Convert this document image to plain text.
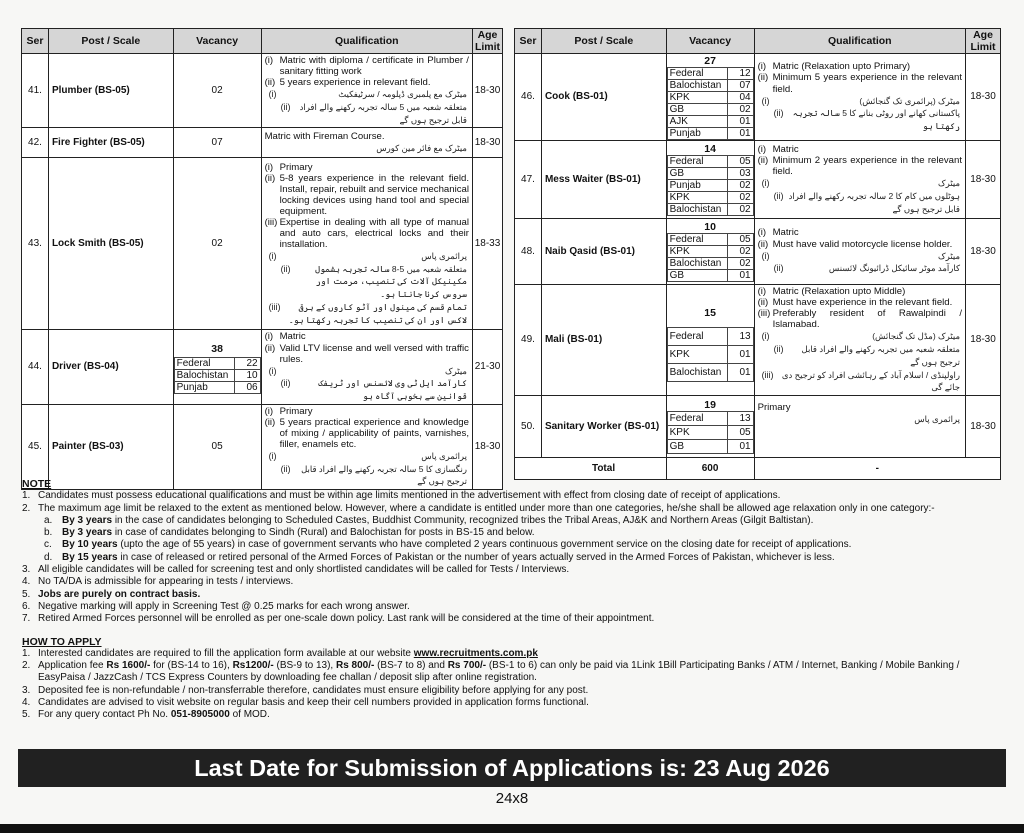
Ser	Post / Scale	Vacancy	Qualification	Age Limit
41.	Plumber (BS-05)	02	
(i) Matric with diploma / certificate in Plumber / sanitary fitting work
(ii) 5 years experience in relevant field.
(i)	میٹرک مع پلمبری ڈپلومہ / سرٹیفکیٹ
(ii) متعلقہ شعبہ میں 5 سالہ تجربہ رکھنے والے افراد قابل ترجیح ہوں گے
	18-30
42.	Fire Fighter (BS-05)	07	
Matric with Fireman Course.
میٹرک مع فائر مین کورس	18-30
43.	Lock Smith (BS-05)	02	
(i) Primary
(ii) 5-8 years experience in the relevant field. Install, repair, rebuilt and service mechanical locking devices using hand tool and special equipment.
(iii) Expertise in dealing with all type of manual and auto cars, electrical locks and their installation.
(i)	پرائمری پاس
(ii)	متعلقہ شعبہ میں 5-8 سالہ تجربہ بشمول مکینیکل آلات کی تنصیب، مرمت اور سروس کرنا جانتا ہو۔
(iii) تمام قسم کی مینول اور آٹو کاروں کے برقی لاکس اور ان کی تنصیب کا تجربہ رکھتا ہو۔
	18-33
44.	Driver (BS-04)	
38
Federal	22
Balochistan	10
Punjab	06

(i) Matric
(ii) Valid LTV license and well versed with traffic rules.
(i)	میٹرک
(ii)	کارآمد ایل ٹی وی لائسنس اور ٹریفک قوانین سے بخوبی آگاہ ہو
	21-30
45.	Painter (BS-03)	05	
(i) Primary
(ii) 5 years practical experience and knowledge of mixing / applicability of paints, varnishes, filler, enamels etc.
(i)	پرائمری پاس
(ii) رنگسازی کا 5 سالہ تجربہ رکھنے والے افراد قابل ترجیح ہوں گے
	18-30
Ser	Post / Scale	Vacancy	Qualification	Age Limit
46.	Cook (BS-01)	
27
Federal	12
Balochistan	07
KPK	04
GB	02
AJK	01
Punjab	01

(i) Matric (Relaxation upto Primary)
(ii) Minimum 5 years experience in the relevant field.
(i)	میٹرک (پرائمری تک گنجائش)
(ii) پاکستانی کھانے اور روٹی بنانے کا 5 سالہ تجربہ رکھتا ہو
	18-30
47.	Mess Waiter (BS-01)	
14
Federal	05
GB	03
Punjab	02
KPK	02
Balochistan	02

(i) Matric
(ii) Minimum 2 years experience in the relevant field.
(i)	میٹرک
(ii) ہوٹلوں میں کام کا 2 سالہ تجربہ رکھنے والے افراد قابل ترجیح ہوں گے
	18-30
48.	Naib Qasid (BS-01)	
10
Federal	05
KPK	02
Balochistan	02
GB	01

(i) Matric
(ii) Must have valid motorcycle license holder.
(i)	میٹرک
(ii)	کارآمد موٹر سائیکل ڈرائیونگ لائسنس
	18-30
49.	Mali (BS-01)	
15
Federal	13
KPK	01
Balochistan	01

(i) Matric (Relaxation upto Middle)
(ii) Must have experience in the relevant field.
(iii) Preferably resident of Rawalpindi / Islamabad.
(i)	میٹرک (مڈل تک گنجائش)
(ii) متعلقہ شعبہ میں تجربہ رکھنے والے افراد قابل ترجیح ہوں گے
(iii) راولپنڈی / اسلام آباد کے رہائشی افراد کو ترجیح دی جائے گی
	18-30
50.	Sanitary Worker (BS-01)	
19
Federal	13
KPK	05
GB	01

Primary
پرائمری پاس
	18-30
	Total	600	-
NOTE
1. Candidates must possess educational qualifications and must be within age limits mentioned in the advertisement with effect from closing date of receipt of applications.
2. The maximum age limit be relaxed to the extent as mentioned below. However, where a candidate is entitled under more than one categories, he/she shall be allowed age relaxation only in one category:-
a. By 3 years in the case of candidates belonging to Scheduled Castes, Buddhist Community, recognized tribes the Tribal Areas, AJ&K and Northern Areas (Gilgit Baltistan).
b. By 3 years in case of candidates belonging to Sindh (Rural) and Balochistan for posts in BS-15 and below.
c.	By 10 years (upto the age of 55 years) in case of government servants who have completed 2 years continuous government service on the closing date for receipt of applications.
d. By 15 years in case of released or retired personal of the Armed Forces of Pakistan or the number of years actually served in the Armed Forces of Pakistan, whichever is less.
3. All eligible candidates will be called for screening test and only shortlisted candidates will be called for Tests / Interviews.
4. No TA/DA is admissible for appearing in tests / interviews.
5. Jobs are purely on contract basis.
6. Negative marking will apply in Screening Test @ 0.25 marks for each wrong answer.
7. Retired Armed Forces personnel will be enrolled as per one-scale down policy. Last rank will be considered at the time of their appointment.
HOW TO APPLY
1. Interested candidates are required to fill the application form available at our website www.recruitments.com.pk
2. Application fee Rs 1600/- for (BS-14 to 16), Rs1200/- (BS-9 to 13), Rs 800/- (BS-7 to 8) and Rs 700/- (BS-1 to 6) can only be paid via 1Link 1Bill Participating Banks / ATM / Internet, Banking / Mobile Banking / EasyPaisa / JazzCash / TCS Express Counters by downloading fee challan / deposit slip after online registration.
3. Deposited fee is non-refundable / non-transferrable therefore, candidates must ensure eligibility before applying for any post.
4. Candidates are advised to visit website on regular basis and keep their cell numbers provided in application forms functional.
5. For any query contact Ph No. 051-8905000 of MOD.
Last Date for Submission of Applications is: 23 Aug 2026
24x8
